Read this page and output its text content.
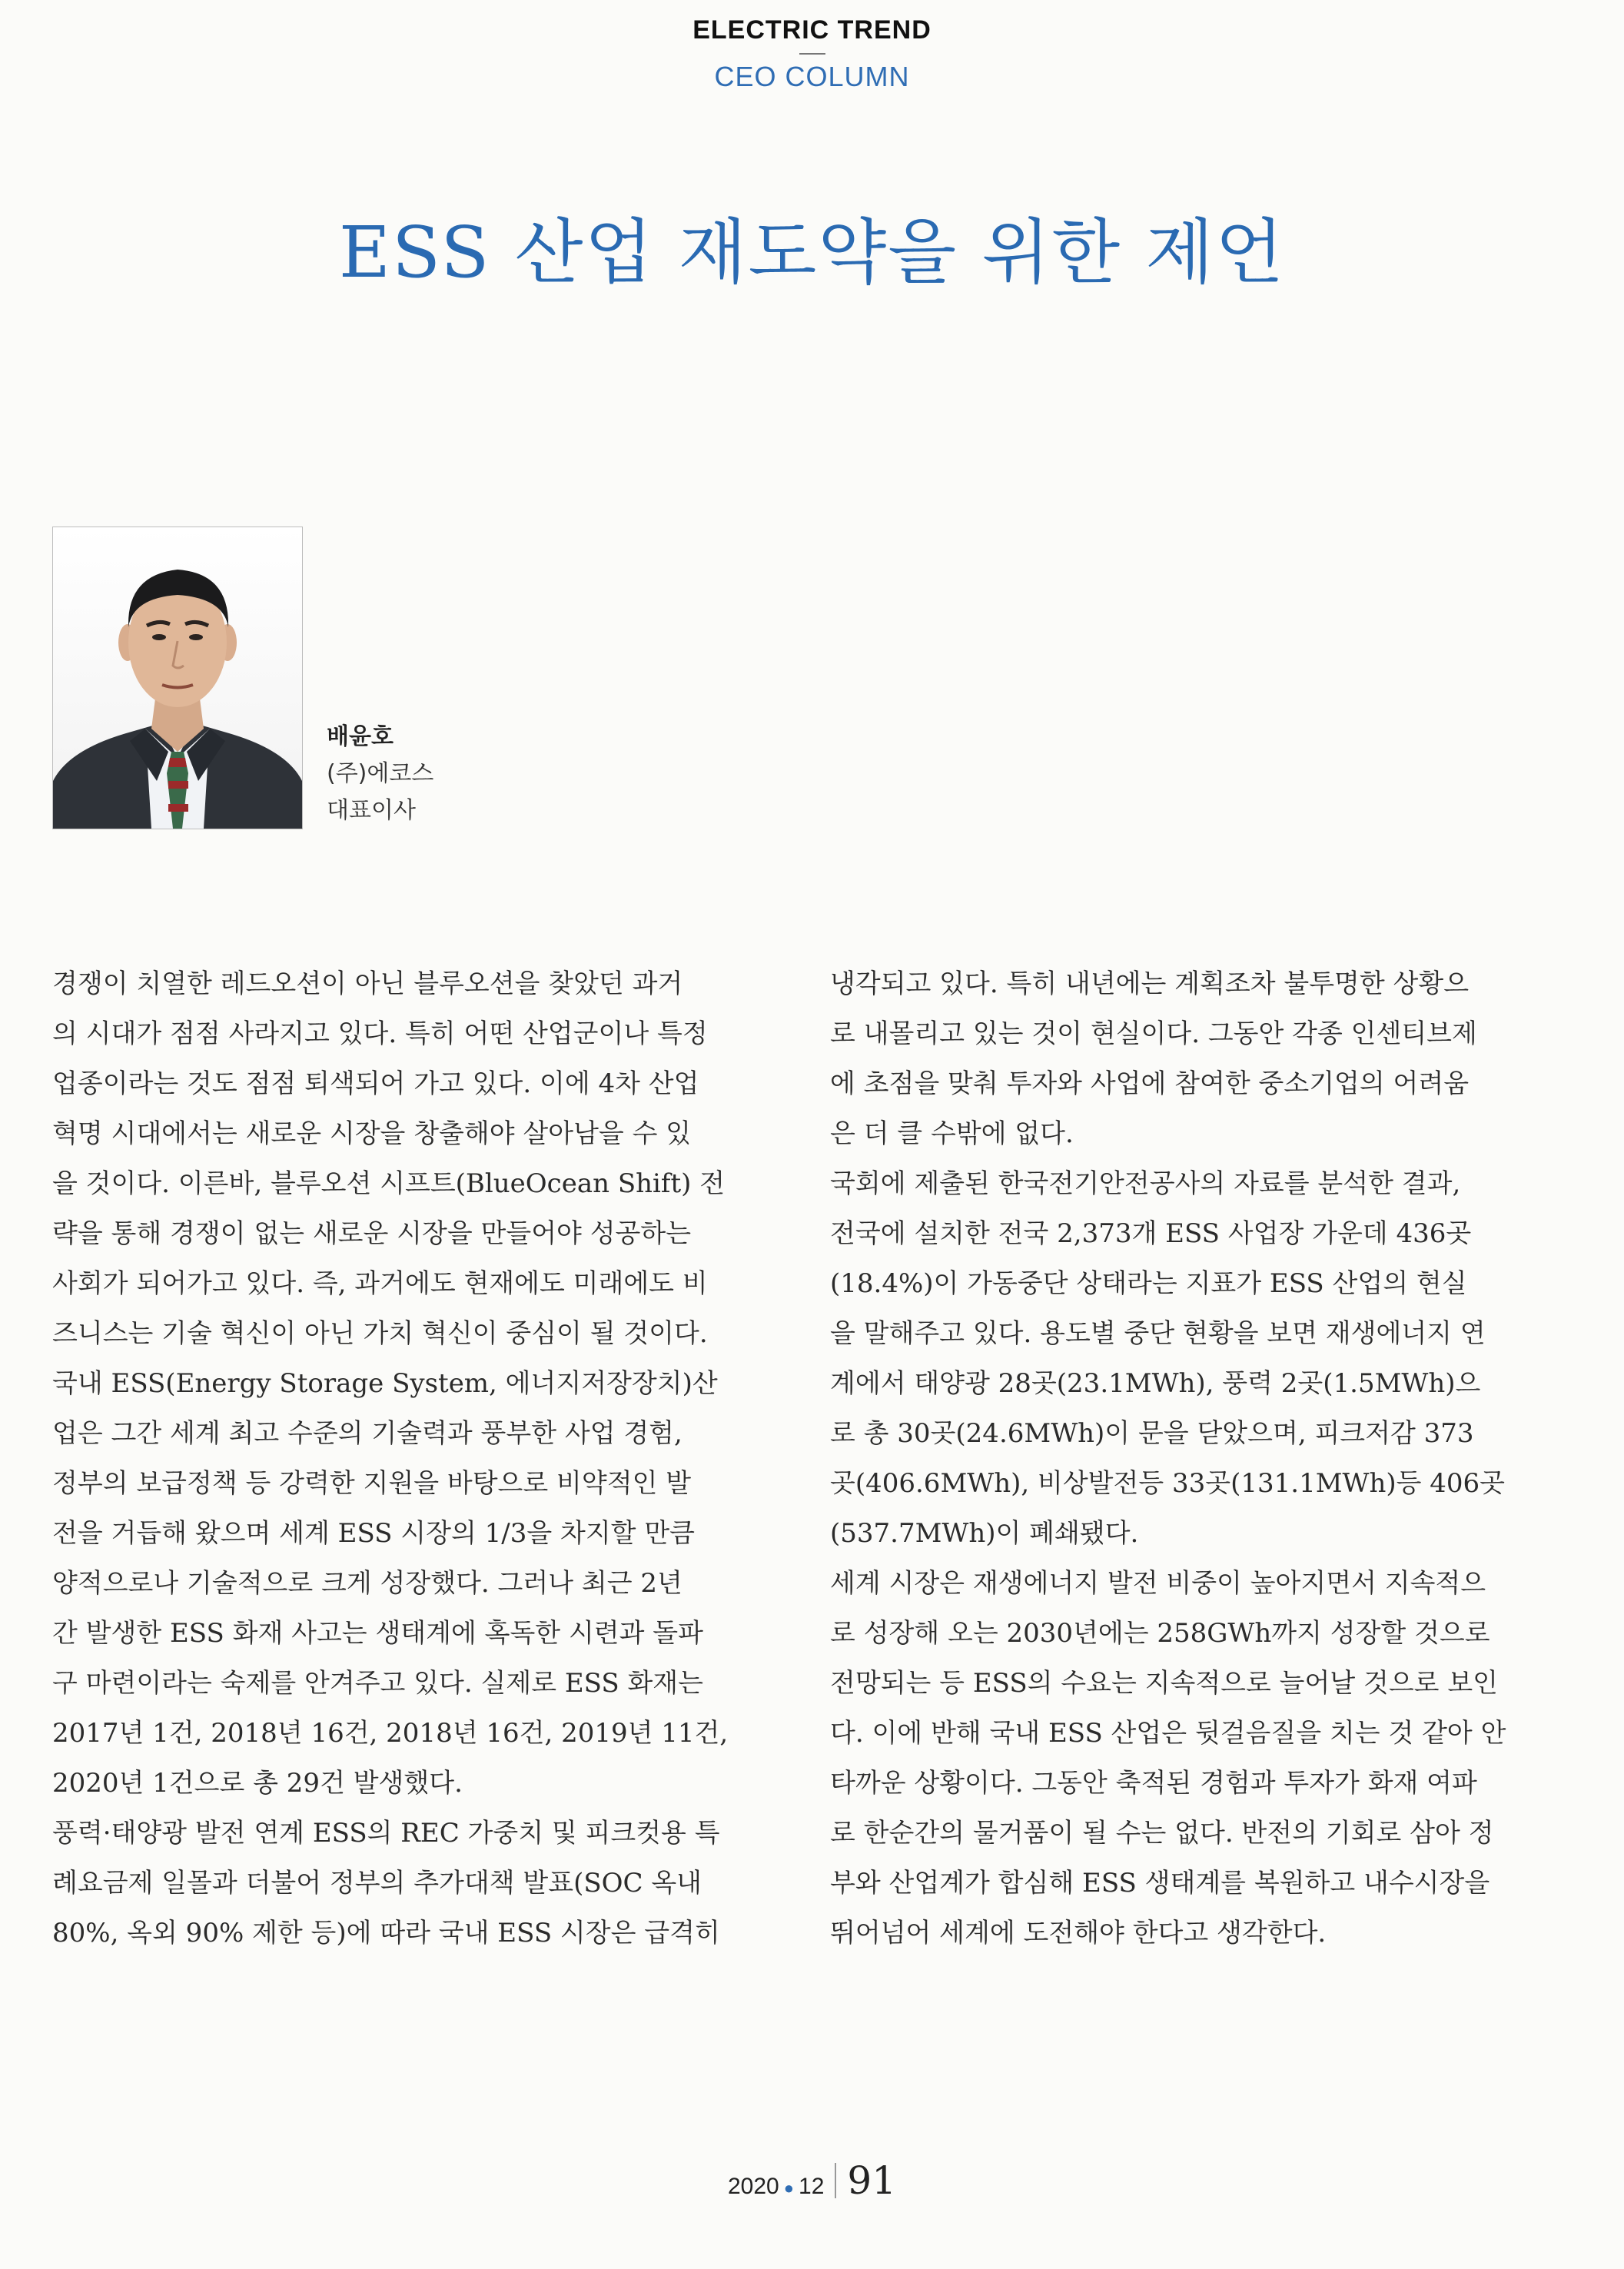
ELECTRIC TREND
CEO COLUMN
ESS 산업 재도약을 위한 제언
배윤호
(주)에코스
대표이사

경쟁이 치열한 레드오션이 아닌 블루오션을 찾았던 과거
의 시대가 점점 사라지고 있다. 특히 어떤 산업군이나 특정
업종이라는 것도 점점 퇴색되어 가고 있다. 이에 4차 산업
혁명 시대에서는 새로운 시장을 창출해야 살아남을 수 있
을 것이다. 이른바, 블루오션 시프트(BlueOcean Shift) 전
략을 통해 경쟁이 없는 새로운 시장을 만들어야 성공하는
사회가 되어가고 있다. 즉, 과거에도 현재에도 미래에도 비
즈니스는 기술 혁신이 아닌 가치 혁신이 중심이 될 것이다.

국내 ESS(Energy Storage System, 에너지저장장치)산
업은 그간 세계 최고 수준의 기술력과 풍부한 사업 경험,
정부의 보급정책 등 강력한 지원을 바탕으로 비약적인 발
전을 거듭해 왔으며 세계 ESS 시장의 1/3을 차지할 만큼
양적으로나 기술적으로 크게 성장했다. 그러나 최근 2년
간 발생한 ESS 화재 사고는 생태계에 혹독한 시련과 돌파
구 마련이라는 숙제를 안겨주고 있다. 실제로 ESS 화재는
2017년 1건, 2018년 16건, 2018년 16건, 2019년 11건,
2020년 1건으로 총 29건 발생했다.

풍력·태양광 발전 연계 ESS의 REC 가중치 및 피크컷용 특
례요금제 일몰과 더불어 정부의 추가대책 발표(SOC 옥내
80%, 옥외 90% 제한 등)에 따라 국내 ESS 시장은 급격히

냉각되고 있다. 특히 내년에는 계획조차 불투명한 상황으
로 내몰리고 있는 것이 현실이다. 그동안 각종 인센티브제
에 초점을 맞춰 투자와 사업에 참여한 중소기업의 어려움
은 더 클 수밖에 없다.

국회에 제출된 한국전기안전공사의 자료를 분석한 결과,
전국에 설치한 전국 2,373개 ESS 사업장 가운데 436곳
(18.4%)이 가동중단 상태라는 지표가 ESS 산업의 현실
을 말해주고 있다. 용도별 중단 현황을 보면 재생에너지 연
계에서 태양광 28곳(23.1MWh), 풍력 2곳(1.5MWh)으
로 총 30곳(24.6MWh)이 문을 닫았으며, 피크저감 373
곳(406.6MWh), 비상발전등 33곳(131.1MWh)등 406곳
(537.7MWh)이 폐쇄됐다.

세계 시장은 재생에너지 발전 비중이 높아지면서 지속적으
로 성장해 오는 2030년에는 258GWh까지 성장할 것으로
전망되는 등 ESS의 수요는 지속적으로 늘어날 것으로 보인
다. 이에 반해 국내 ESS 산업은 뒷걸음질을 치는 것 같아 안
타까운 상황이다. 그동안 축적된 경험과 투자가 화재 여파
로 한순간의 물거품이 될 수는 없다. 반전의 기회로 삼아 정
부와 산업계가 합심해 ESS 생태계를 복원하고 내수시장을
뛰어넘어 세계에 도전해야 한다고 생각한다.

2020 ● 12 91
